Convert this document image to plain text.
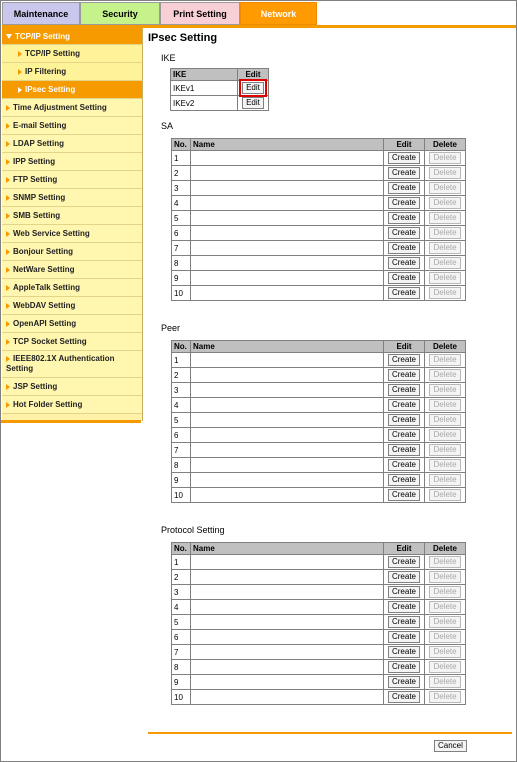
Maintenance	Security	Print Setting	Network
TCP/IP Setting
TCP/IP Setting
IP Filtering
IPsec Setting
Time Adjustment Setting
E-mail Setting
LDAP Setting
IPP Setting
FTP Setting
SNMP Setting
SMB Setting
Web Service Setting
Bonjour Setting
NetWare Setting
AppleTalk Setting
WebDAV Setting
OpenAPI Setting
TCP Socket Setting
IEEE802.1X Authentication Setting
JSP Setting
Hot Folder Setting
IPsec Setting
IKE
IKE	Edit
IKEv1	Edit
IKEv2	Edit
SA
No.	Name	Edit	Delete
1		Create	Delete
2		Create	Delete
3		Create	Delete
4		Create	Delete
5		Create	Delete
6		Create	Delete
7		Create	Delete
8		Create	Delete
9		Create	Delete
10		Create	Delete
Peer
No.	Name	Edit	Delete
1		Create	Delete
2		Create	Delete
3		Create	Delete
4		Create	Delete
5		Create	Delete
6		Create	Delete
7		Create	Delete
8		Create	Delete
9		Create	Delete
10		Create	Delete
Protocol Setting
No.	Name	Edit	Delete
1		Create	Delete
2		Create	Delete
3		Create	Delete
4		Create	Delete
5		Create	Delete
6		Create	Delete
7		Create	Delete
8		Create	Delete
9		Create	Delete
10		Create	Delete
Cancel
